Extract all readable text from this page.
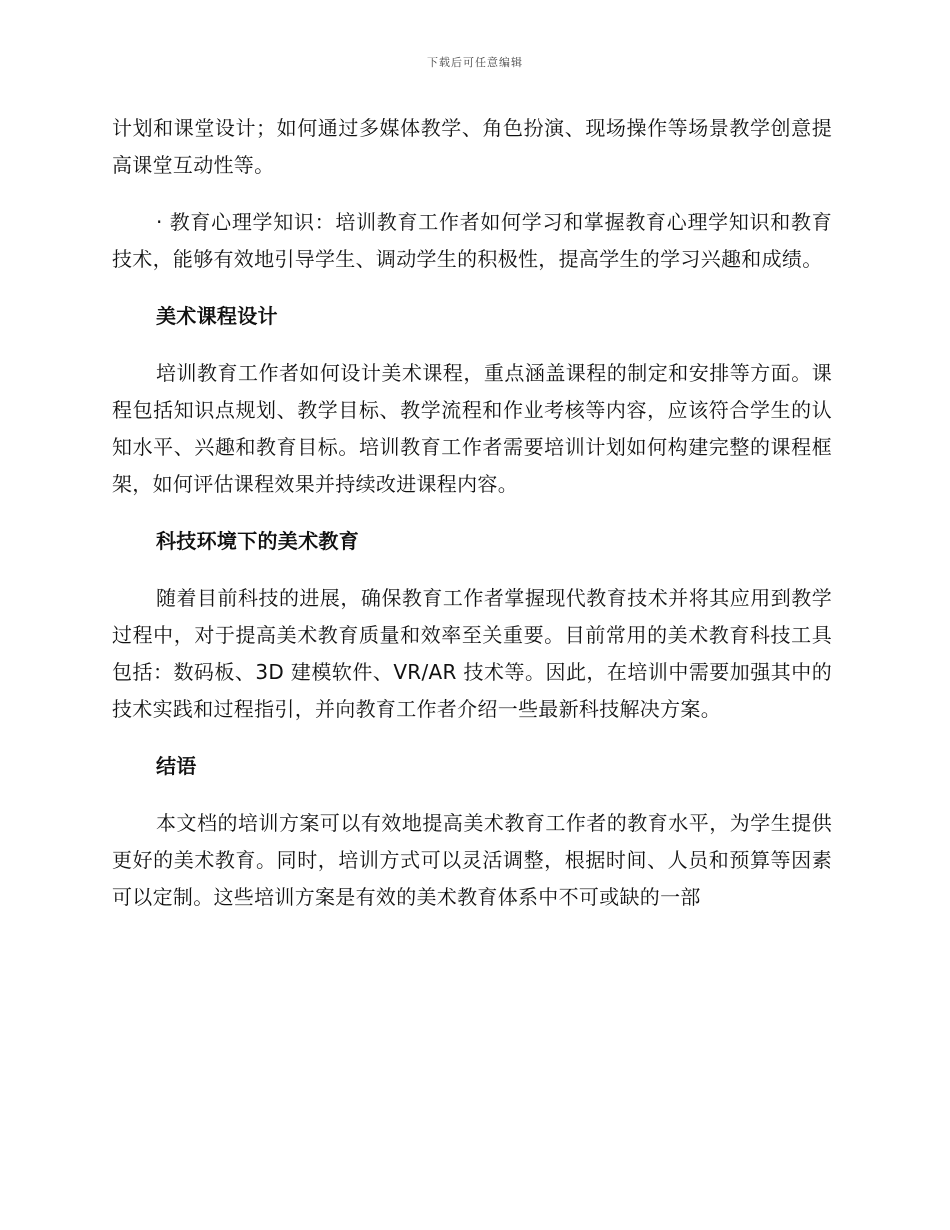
下载后可任意编辑

计划和课堂设计；如何通过多媒体教学、角色扮演、现场操作等场景教学创意提高课堂互动性等。

· 教育心理学知识：培训教育工作者如何学习和掌握教育心理学知识和教育技术，能够有效地引导学生、调动学生的积极性，提高学生的学习兴趣和成绩。

美术课程设计

培训教育工作者如何设计美术课程，重点涵盖课程的制定和安排等方面。课程包括知识点规划、教学目标、教学流程和作业考核等内容，应该符合学生的认知水平、兴趣和教育目标。培训教育工作者需要培训计划如何构建完整的课程框架，如何评估课程效果并持续改进课程内容。

科技环境下的美术教育

随着目前科技的进展，确保教育工作者掌握现代教育技术并将其应用到教学过程中，对于提高美术教育质量和效率至关重要。目前常用的美术教育科技工具包括：数码板、3D 建模软件、VR/AR 技术等。因此，在培训中需要加强其中的技术实践和过程指引，并向教育工作者介绍一些最新科技解决方案。

结语

本文档的培训方案可以有效地提高美术教育工作者的教育水平，为学生提供更好的美术教育。同时，培训方式可以灵活调整，根据时间、人员和预算等因素可以定制。这些培训方案是有效的美术教育体系中不可或缺的一部
